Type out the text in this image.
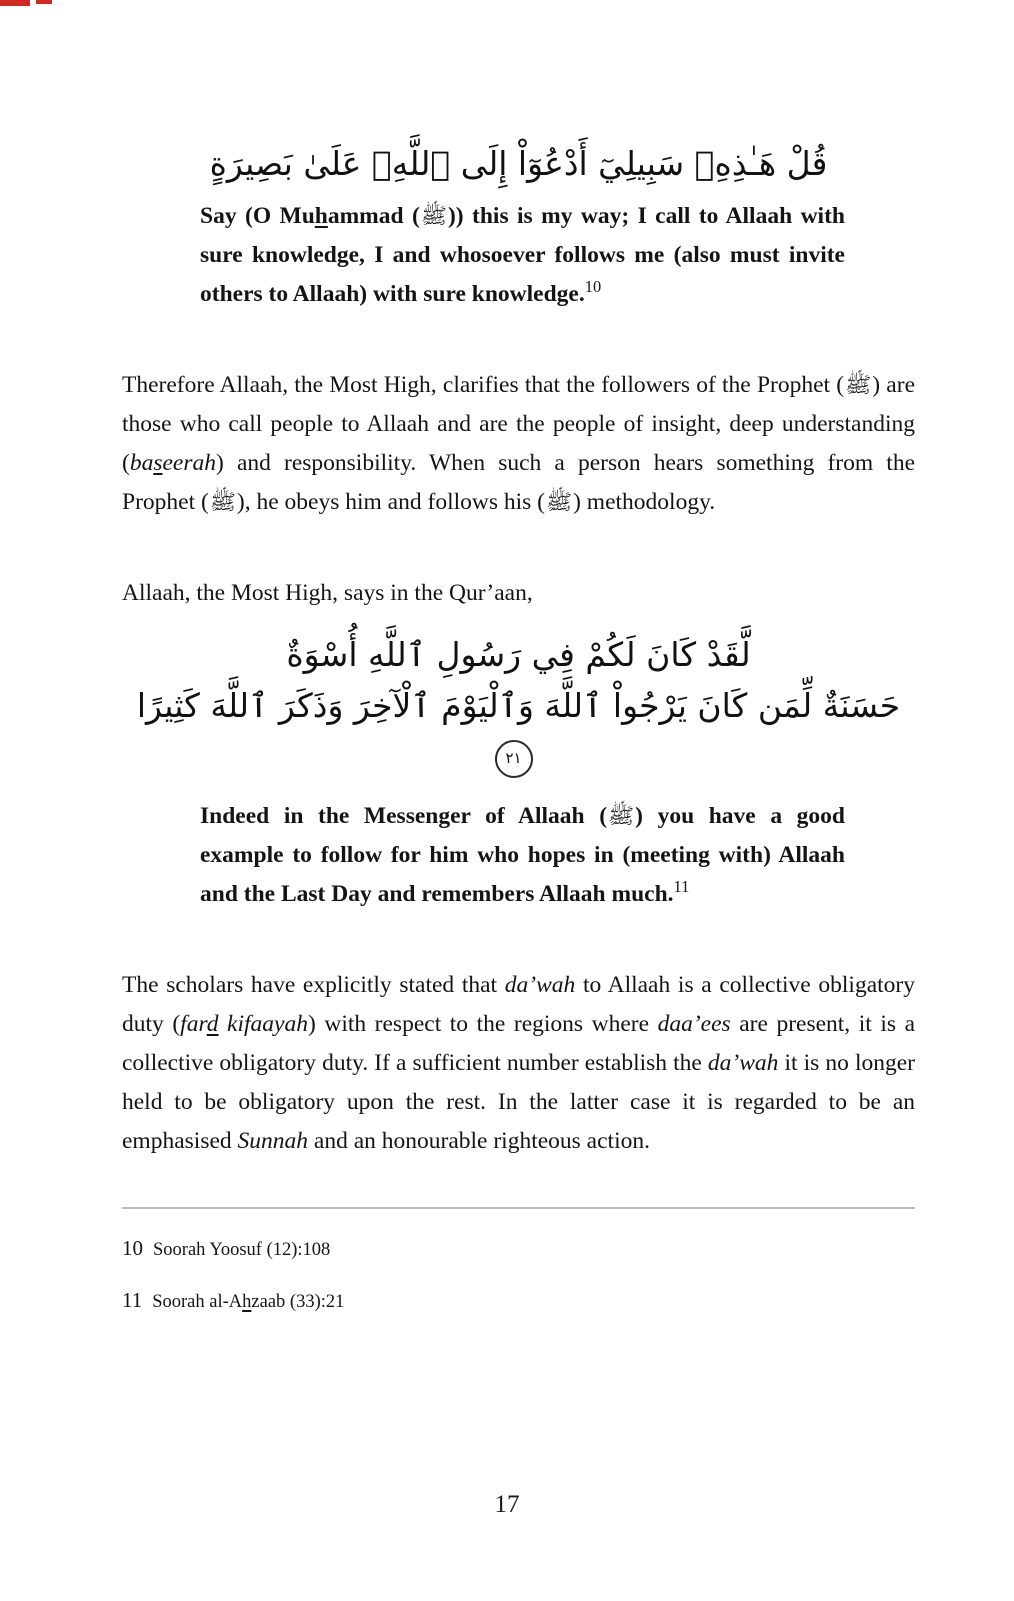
قُلْ هَـٰذِهِۦ سَبِيلِيٓ أَدْعُوٓاْ إِلَى ٱللَّهِۚ عَلَىٰ بَصِيرَةٍ
Say (O Muhammad (ﷺ)) this is my way; I call to Allaah with sure knowledge, I and whosoever follows me (also must invite others to Allaah) with sure knowledge.$^{10}$

Therefore Allaah, the Most High, clarifies that the followers of the Prophet (ﷺ) are those who call people to Allaah and are the people of insight, deep understanding (baseerah) and responsibility. When such a person hears something from the Prophet (ﷺ), he obeys him and follows his (ﷺ) methodology.

Allaah, the Most High, says in the Qur’aan,

لَّقَدْ كَانَ لَكُمْ فِي رَسُولِ ٱللَّهِ أُسْوَةٌ
حَسَنَةٌ لِّمَن كَانَ يَرْجُواْ ٱللَّهَ وَٱلْيَوْمَ ٱلْآخِرَ وَذَكَرَ ٱللَّهَ كَثِيرًا ٢١
Indeed in the Messenger of Allaah (ﷺ) you have a good example to follow for him who hopes in (meeting with) Allaah and the Last Day and remembers Allaah much.$^{11}$

The scholars have explicitly stated that da’wah to Allaah is a collective obligatory duty (fard kifaayah) with respect to the regions where daa’ees are present, it is a collective obligatory duty. If a sufficient number establish the da’wah it is no longer held to be obligatory upon the rest. In the latter case it is regarded to be an emphasised Sunnah and an honourable righteous action.

10 Soorah Yoosuf (12):108
11 Soorah al-Ahzaab (33):21
17
